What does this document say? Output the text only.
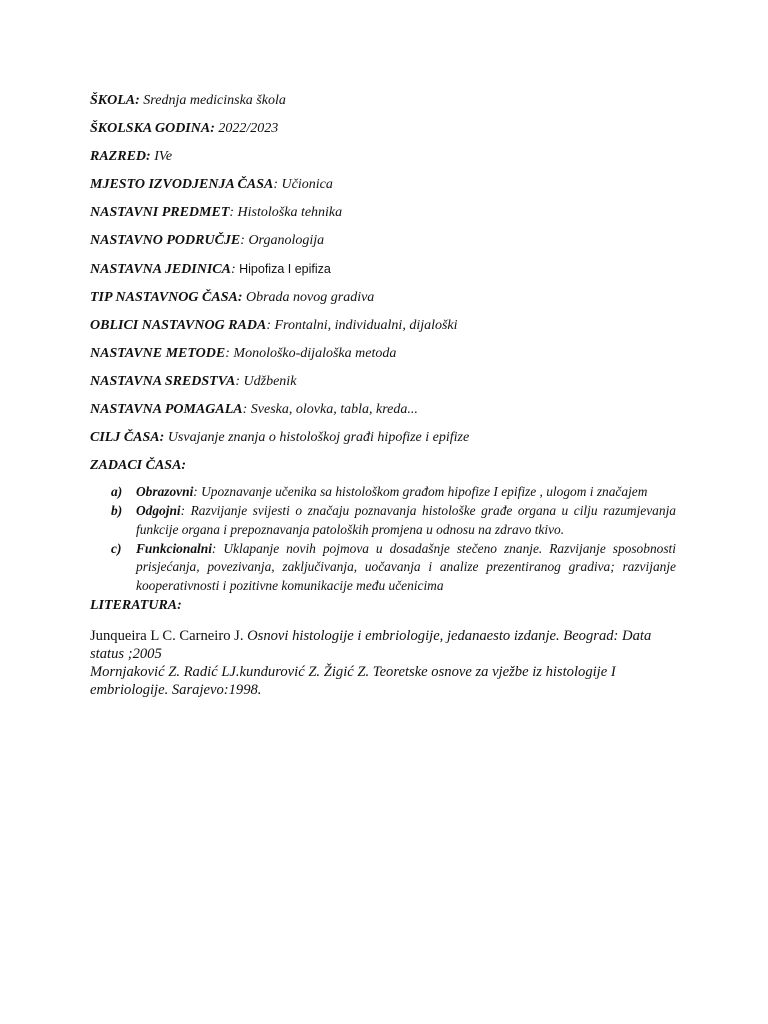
ŠKOLA: Srednja medicinska škola
ŠKOLSKA GODINA: 2022/2023
RAZRED: IVe
MJESTO IZVODJENJA ČASA: Učionica
NASTAVNI PREDMET: Histološka tehnika
NASTAVNO PODRUČJE: Organologija
NASTAVNA JEDINICA: Hipofiza I epifiza
TIP NASTAVNOG ČASA: Obrada novog gradiva
OBLICI NASTAVNOG RADA: Frontalni, individualni, dijaloški
NASTAVNE METODE: Monološko-dijaloška metoda
NASTAVNA SREDSTVA: Udžbenik
NASTAVNA POMAGALA: Sveska, olovka, tabla, kreda...
CILJ ČASA: Usvajanje znanja o histološkoj građi hipofize i epifize
ZADACI ČASA:
a) Obrazovni: Upoznavanje učenika sa histološkom građom hipofize I epifize , ulogom i značajem
b) Odgojni: Razvijanje svijesti o značaju poznavanja histološke građe organa u cilju razumjevanja funkcije organa i prepoznavanja patoloških promjena u odnosu na zdravo tkivo.
c) Funkcionalni: Uklapanje novih pojmova u dosadašnje stečeno znanje. Razvijanje sposobnosti prisjećanja, povezivanja, zaključivanja, uočavanja i analize prezentiranog gradiva; razvijanje kooperativnosti i pozitivne komunikacije među učenicima
LITERATURA:

Junqueira L C. Carneiro J. Osnovi histologije i embriologije, jedanaesto izdanje. Beograd: Data status ;2005

Mornjaković Z. Radić LJ.kundurović Z. Žigić Z. Teoretske osnove za vježbe iz histologije I embriologije. Sarajevo:1998.
